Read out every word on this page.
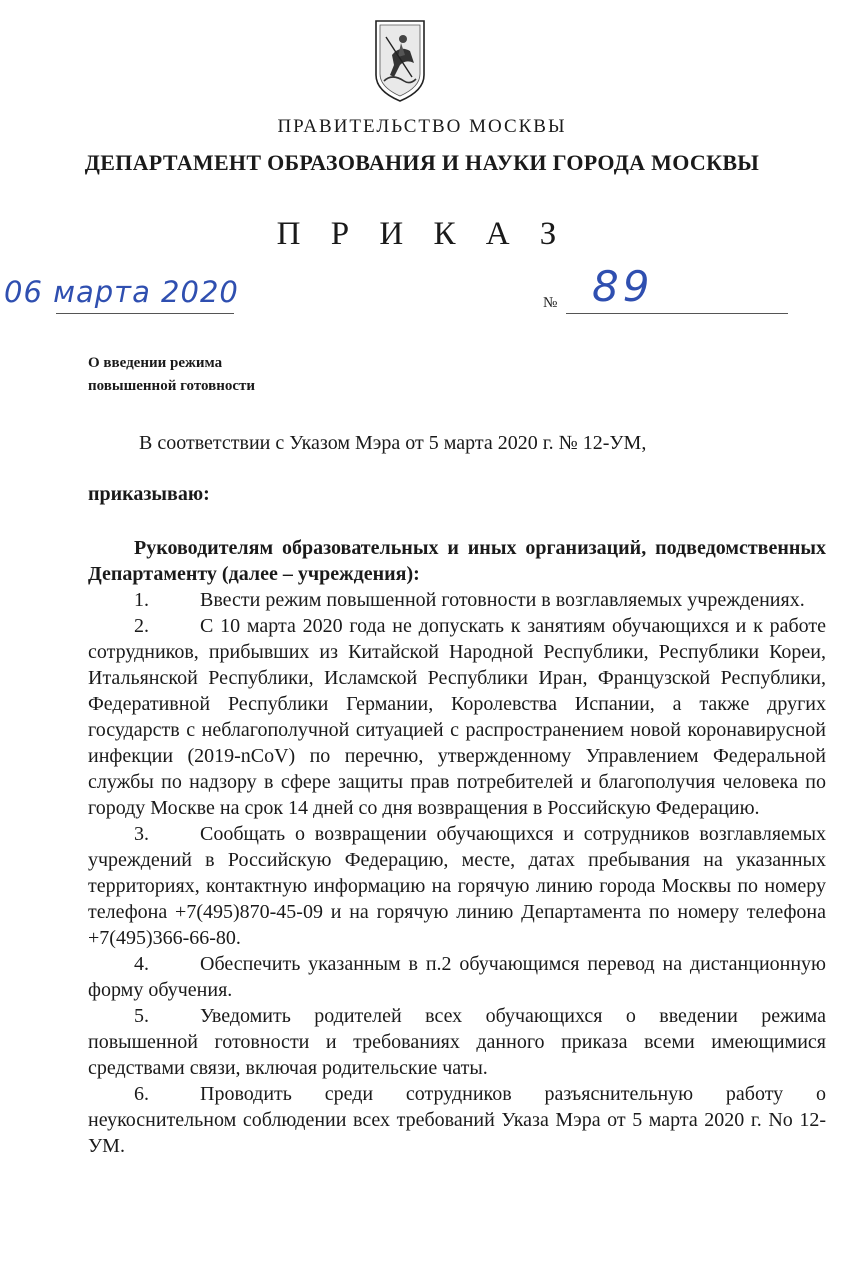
ПРАВИТЕЛЬСТВО МОСКВЫ
ДЕПАРТАМЕНТ ОБРАЗОВАНИЯ И НАУКИ ГОРОДА МОСКВЫ
П Р И К А З
06 марта 2020	№ 89
О введении режима
повышенной готовности
В соответствии с Указом Мэра от 5 марта 2020 г. № 12-УМ,
приказываю:

Руководителям образовательных и иных организаций, подведомственных Департаменту (далее – учреждения):

1.	Ввести режим повышенной готовности в возглавляемых учреждениях.

2.	С 10 марта 2020 года не допускать к занятиям обучающихся и к работе сотрудников, прибывших из Китайской Народной Республики, Республики Кореи, Итальянской Республики, Исламской Республики Иран, Французской Республики, Федеративной Республики Германии, Королевства Испании, а также других государств с неблагополучной ситуацией с распространением новой коронавирусной инфекции (2019-nCoV) по перечню, утвержденному Управлением Федеральной службы по надзору в сфере защиты прав потребителей и благополучия человека по городу Москве на срок 14 дней со дня возвращения в Российскую Федерацию.

3.	Сообщать о возвращении обучающихся и сотрудников возглавляемых учреждений в Российскую Федерацию, месте, датах пребывания на указанных территориях, контактную информацию на горячую линию города Москвы по номеру телефона +7(495)870-45-09 и на горячую линию Департамента по номеру телефона +7(495)366-66-80.

4.	Обеспечить указанным в п.2 обучающимся перевод на дистанционную форму обучения.

5.	Уведомить родителей всех обучающихся о введении режима повышенной готовности и требованиях данного приказа всеми имеющимися средствами связи, включая родительские чаты.

6.	Проводить среди сотрудников разъяснительную работу о неукоснительном соблюдении всех требований Указа Мэра от 5 марта 2020 г. No 12-УМ.
